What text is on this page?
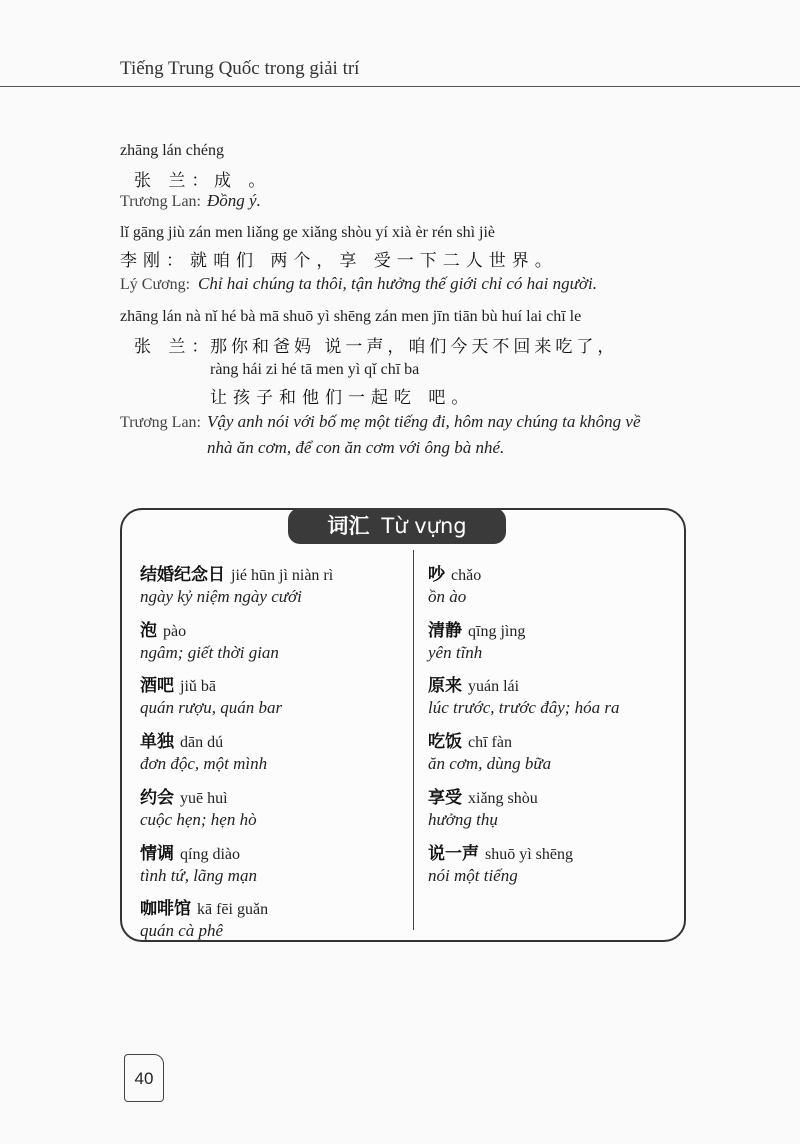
Tiếng Trung Quốc trong giải trí
zhāng lán chéng
张 兰： 成 。
Trương Lan: Đồng ý.
lǐ gāng jiù zán men liǎng ge xiǎng shòu yí xià èr rén shì jiè
李刚： 就咱们 两个，享 受一下二人世界。
Lý Cương: Chỉ hai chúng ta thôi, tận hưởng thế giới chỉ có hai người.
zhāng lán nà nǐ hé bà mā shuō yì shēng zán men jīn tiān bù huí lai chī le
张 兰：
那你和爸妈 说一声，咱们今天不回来吃了，
ràng hái zi hé tā men yì qǐ chī ba
让孩子和他们一起吃 吧。
Trương Lan: Vậy anh nói với bố mẹ một tiếng đi, hôm nay chúng ta không về
nhà ăn cơm, để con ăn cơm với ông bà nhé.
词汇 Từ vựng
结婚纪念日 jié hūn jì niàn rì
ngày kỷ niệm ngày cưới
泡 pào
ngâm; giết thời gian
酒吧 jiǔ bā
quán rượu, quán bar
单独 dān dú
đơn độc, một mình
约会 yuē huì
cuộc hẹn; hẹn hò
情调 qíng diào
tình tứ, lãng mạn
咖啡馆 kā fēi guǎn
quán cà phê
吵 chǎo
ồn ào
清静 qīng jìng
yên tĩnh
原来 yuán lái
lúc trước, trước đây; hóa ra
吃饭 chī fàn
ăn cơm, dùng bữa
享受 xiǎng shòu
hưởng thụ
说一声 shuō yì shēng
nói một tiếng
40
